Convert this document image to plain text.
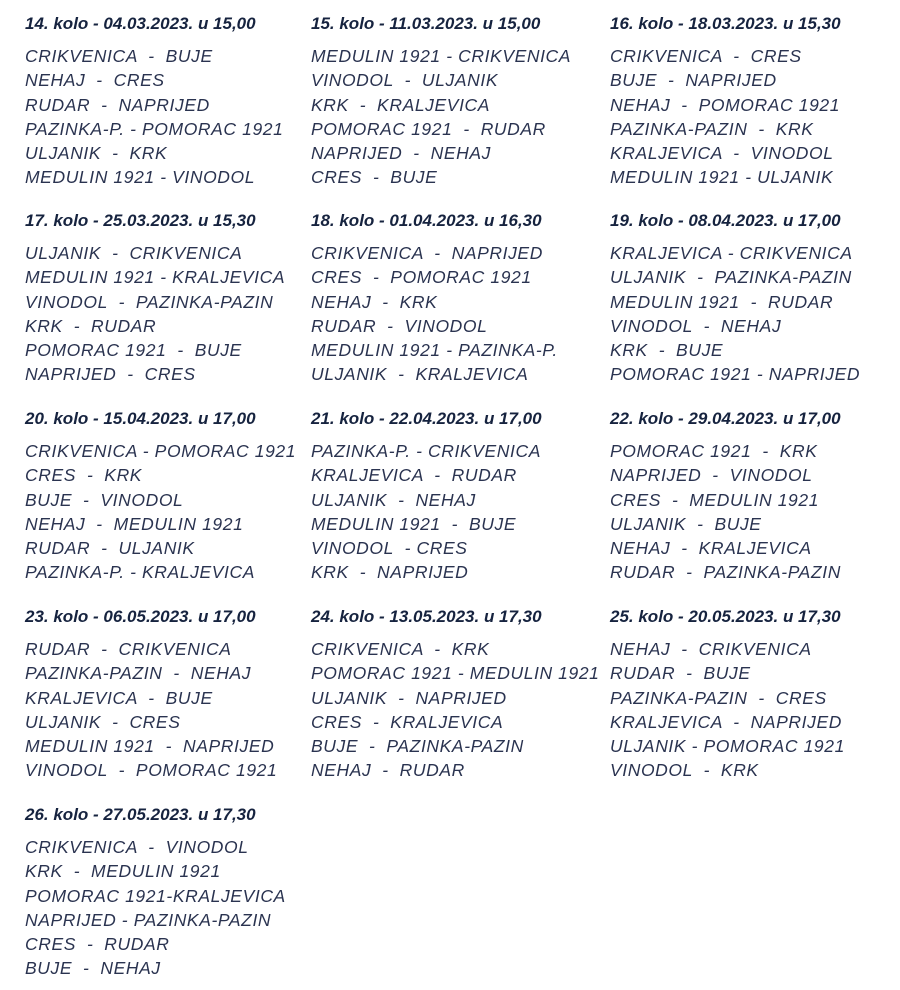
14. kolo - 04.03.2023. u 15,00
CRIKVENICA  -  BUJE
NEHAJ  -  CRES
RUDAR  -  NAPRIJED
PAZINKA-P. - POMORAC 1921
ULJANIK  -  KRK
MEDULIN 1921 - VINODOL
15. kolo - 11.03.2023. u 15,00
MEDULIN 1921 - CRIKVENICA
VINODOL  -  ULJANIK
KRK  -  KRALJEVICA
POMORAC 1921  -  RUDAR
NAPRIJED  -  NEHAJ
CRES  -  BUJE
16. kolo - 18.03.2023. u 15,30
CRIKVENICA  -  CRES
BUJE  -  NAPRIJED
NEHAJ  -  POMORAC 1921
PAZINKA-PAZIN  -  KRK
KRALJEVICA  -  VINODOL
MEDULIN 1921 - ULJANIK
17. kolo - 25.03.2023. u 15,30
ULJANIK  -  CRIKVENICA
MEDULIN 1921 - KRALJEVICA
VINODOL  -  PAZINKA-PAZIN
KRK  -  RUDAR
POMORAC 1921  -  BUJE
NAPRIJED  -  CRES
18. kolo - 01.04.2023. u 16,30
CRIKVENICA  -  NAPRIJED
CRES  -  POMORAC 1921
NEHAJ  -  KRK
RUDAR  -  VINODOL
MEDULIN 1921 - PAZINKA-P.
ULJANIK  -  KRALJEVICA
19. kolo - 08.04.2023. u 17,00
KRALJEVICA - CRIKVENICA
ULJANIK  -  PAZINKA-PAZIN
MEDULIN 1921  -  RUDAR
VINODOL  -  NEHAJ
KRK  -  BUJE
POMORAC 1921 - NAPRIJED
20. kolo - 15.04.2023. u 17,00
CRIKVENICA - POMORAC 1921
CRES  -  KRK
BUJE  -  VINODOL
NEHAJ  -  MEDULIN 1921
RUDAR  -  ULJANIK
PAZINKA-P. - KRALJEVICA
21. kolo - 22.04.2023. u 17,00
PAZINKA-P. - CRIKVENICA
KRALJEVICA  -  RUDAR
ULJANIK  -  NEHAJ
MEDULIN 1921  -  BUJE
VINODOL  - CRES
KRK  -  NAPRIJED
22. kolo - 29.04.2023. u 17,00
POMORAC 1921  -  KRK
NAPRIJED  -  VINODOL
CRES  -  MEDULIN 1921
ULJANIK  -  BUJE
NEHAJ  -  KRALJEVICA
RUDAR  -  PAZINKA-PAZIN
23. kolo - 06.05.2023. u 17,00
RUDAR  -  CRIKVENICA
PAZINKA-PAZIN  -  NEHAJ
KRALJEVICA  -  BUJE
ULJANIK  -  CRES
MEDULIN 1921  -  NAPRIJED
VINODOL  -  POMORAC 1921
24. kolo - 13.05.2023. u 17,30
CRIKVENICA  -  KRK
POMORAC 1921 - MEDULIN 1921
ULJANIK  -  NAPRIJED
CRES  -  KRALJEVICA
BUJE  -  PAZINKA-PAZIN
NEHAJ  -  RUDAR
25. kolo - 20.05.2023. u 17,30
NEHAJ  -  CRIKVENICA
RUDAR  -  BUJE
PAZINKA-PAZIN  -  CRES
KRALJEVICA  -  NAPRIJED
ULJANIK - POMORAC 1921
VINODOL  -  KRK
26. kolo - 27.05.2023. u 17,30
CRIKVENICA  -  VINODOL
KRK  -  MEDULIN 1921
POMORAC 1921-KRALJEVICA
NAPRIJED - PAZINKA-PAZIN
CRES  -  RUDAR
BUJE  -  NEHAJ
